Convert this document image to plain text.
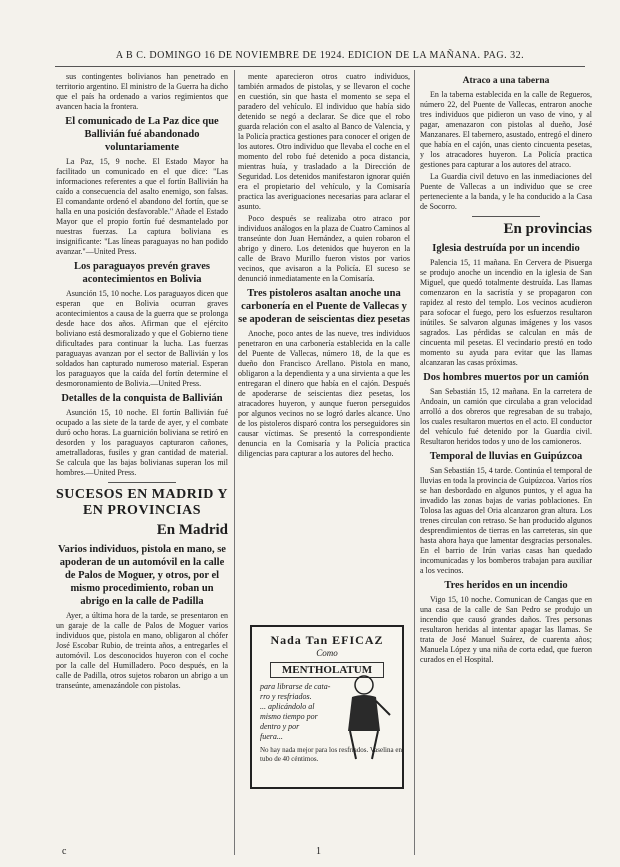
A B C. DOMINGO 16 DE NOVIEMBRE DE 1924. EDICION DE LA MAÑANA. PAG. 32.

sus contingentes bolivianos han penetrado en territorio argentino. El ministro de la Guerra ha dicho que el país ha ordenado a varios regimientos que avancen hacia la frontera.

El comunicado de La Paz dice que Ballivián fué abandonado voluntariamente

La Paz, 15, 9 noche. El Estado Mayor ha facilitado un comunicado en el que dice: "Las informaciones referentes a que el fortín Ballivián ha caído a consecuencia del asalto enemigo, son falsas. El comandante ordenó el abandono del fortín, que se halla en una posición desfavorable." Añade el Estado Mayor que el propio fortín fué desmantelado por nuestras fuerzas. La captura boliviana es insignificante: "Las líneas paraguayas no han podido avanzar."—United Press.

Los paraguayos prevén graves acontecimientos en Bolivia

Asunción 15, 10 noche. Los paraguayos dicen que esperan que en Bolivia ocurran graves acontecimientos a causa de la guerra que se prolonga desde hace dos años. Afirman que el ejército boliviano está desmoralizado y que el Gobierno tiene dificultades para continuar la lucha. Las fuerzas paraguayas avanzan por el sector de Ballivián y los soldados han capturado numeroso material. Esperan los paraguayos que la caída del fortín determine el desmoronamiento de Bolivia.—United Press.

Detalles de la conquista de Ballivián

Asunción 15, 10 noche. El fortín Ballivián fué ocupado a las siete de la tarde de ayer, y el combate duró ocho horas. La guarnición boliviana se retiró en desorden y los paraguayos capturaron cañones, ametralladoras, fusiles y gran cantidad de material. Se calcula que las bajas bolivianas superan los mil hombres.—United Press.

SUCESOS EN MADRID Y EN PROVINCIAS
En Madrid
Varios individuos, pistola en mano, se apoderan de un automóvil en la calle de Palos de Moguer, y otros, por el mismo procedimiento, roban un abrigo en la calle de Padilla

Ayer, a última hora de la tarde, se presentaron en un garaje de la calle de Palos de Moguer varios individuos que, pistola en mano, obligaron al chófer José Escobar Rubio, de treinta años, a entregarles el automóvil. Los desconocidos huyeron con el coche por la calle del Humilladero. Poco después, en la calle de Padilla, otros sujetos robaron un abrigo a un transeúnte, amenazándole con pistolas.

mente aparecieron otros cuatro individuos, también armados de pistolas, y se llevaron el coche en cuestión, sin que hasta el momento se sepa el paradero del vehículo. El individuo que había sido detenido se negó a declarar. Se dice que el robo guarda relación con el asalto al Banco de Valencia, y la Policía practica gestiones para conocer el origen de los autores. Otro individuo que llevaba el coche en el momento del robo fué detenido a poca distancia, mientras huía, y trasladado a la Dirección de Seguridad. Los detenidos manifestaron ignorar quién era el propietario del vehículo, y la Comisaría practica las averiguaciones necesarias para aclarar el asunto.

Poco después se realizaba otro atraco por individuos análogos en la plaza de Cuatro Caminos al transeúnte don Juan Hernández, a quien robaron el abrigo y dinero. Los detenidos que huyeron en la calle de Bravo Murillo fueron vistos por varios vecinos, que avisaron a la Policía. El suceso se denunció inmediatamente en la Comisaría.

Tres pistoleros asaltan anoche una carbonería en el Puente de Vallecas y se apoderan de seiscientas diez pesetas

Anoche, poco antes de las nueve, tres individuos penetraron en una carbonería establecida en la calle del Puente de Vallecas, número 18, de la que es dueño don Francisco Arellano. Pistola en mano, obligaron a la dependienta y a una sirvienta a que les entregaran el dinero que había en el cajón. Después de apoderarse de seiscientas diez pesetas, los atracadores huyeron, y aunque fueron perseguidos por algunos vecinos no se logró darles alcance. Uno de los pistoleros disparó contra los perseguidores sin causar víctimas. Se presentó la correspondiente denuncia en la Comisaría y la Policía practica diligencias para capturar a los autores del hecho.

Nada Tan EFICAZ
Como
MENTHOLATUM
para librarse de cata-
rro y resfriados.
... aplicándolo al
mismo tiempo por
dentro y por
fuera...
No hay nada mejor para los resfriados. Vaselina en tubo de 40 céntimos.
Atraco a una taberna

En la taberna establecida en la calle de Regueros, número 22, del Puente de Vallecas, entraron anoche tres individuos que pidieron un vaso de vino, y al pagar, amenazaron con pistolas al dueño, José Manzanares. El tabernero, asustado, entregó el dinero que había en el cajón, unas ciento cincuenta pesetas, y los atracadores huyeron. La Policía practica gestiones para capturar a los autores del atraco.

La Guardia civil detuvo en las inmediaciones del Puente de Vallecas a un individuo que se cree perteneciente a la banda, y le ha conducido a la Casa de Socorro.

En provincias
Iglesia destruída por un incendio

Palencia 15, 11 mañana. En Cervera de Pisuerga se produjo anoche un incendio en la iglesia de San Miguel, que quedó totalmente destruída. Las llamas comenzaron en la sacristía y se propagaron con rapidez al resto del templo. Los vecinos acudieron para sofocar el fuego, pero los esfuerzos resultaron inútiles. Se salvaron algunas imágenes y los vasos sagrados. Las pérdidas se calculan en más de cincuenta mil pesetas. El vecindario prestó en todo momento su ayuda para evitar que las llamas alcanzaran las casas próximas.

Dos hombres muertos por un camión

San Sebastián 15, 12 mañana. En la carretera de Andoain, un camión que circulaba a gran velocidad arrolló a dos obreros que regresaban de su trabajo, los cuales resultaron muertos en el acto. El conductor del vehículo fué detenido por la Guardia civil. Resultaron heridos todos y uno de los camioneros.

Temporal de lluvias en Guipúzcoa

San Sebastián 15, 4 tarde. Continúa el temporal de lluvias en toda la provincia de Guipúzcoa. Varios ríos se han desbordado en algunos puntos, y el agua ha invadido las zonas bajas de varias poblaciones. En Tolosa las aguas del Oria alcanzaron gran altura. Los trenes circulan con retraso. Se han producido algunos desprendimientos de tierras en las carreteras, sin que hasta ahora haya que lamentar desgracias personales. En el barrio de Irún varias casas han quedado incomunicadas y los bomberos trabajan para auxiliar a los vecinos.

Tres heridos en un incendio

Vigo 15, 10 noche. Comunican de Cangas que en una casa de la calle de San Pedro se produjo un incendio que causó grandes daños. Tres personas resultaron heridas al intentar apagar las llamas. Se trata de José Manuel Suárez, de cuarenta años; Manuela López y una niña de corta edad, que fueron curados en el Hospital.

c	1
